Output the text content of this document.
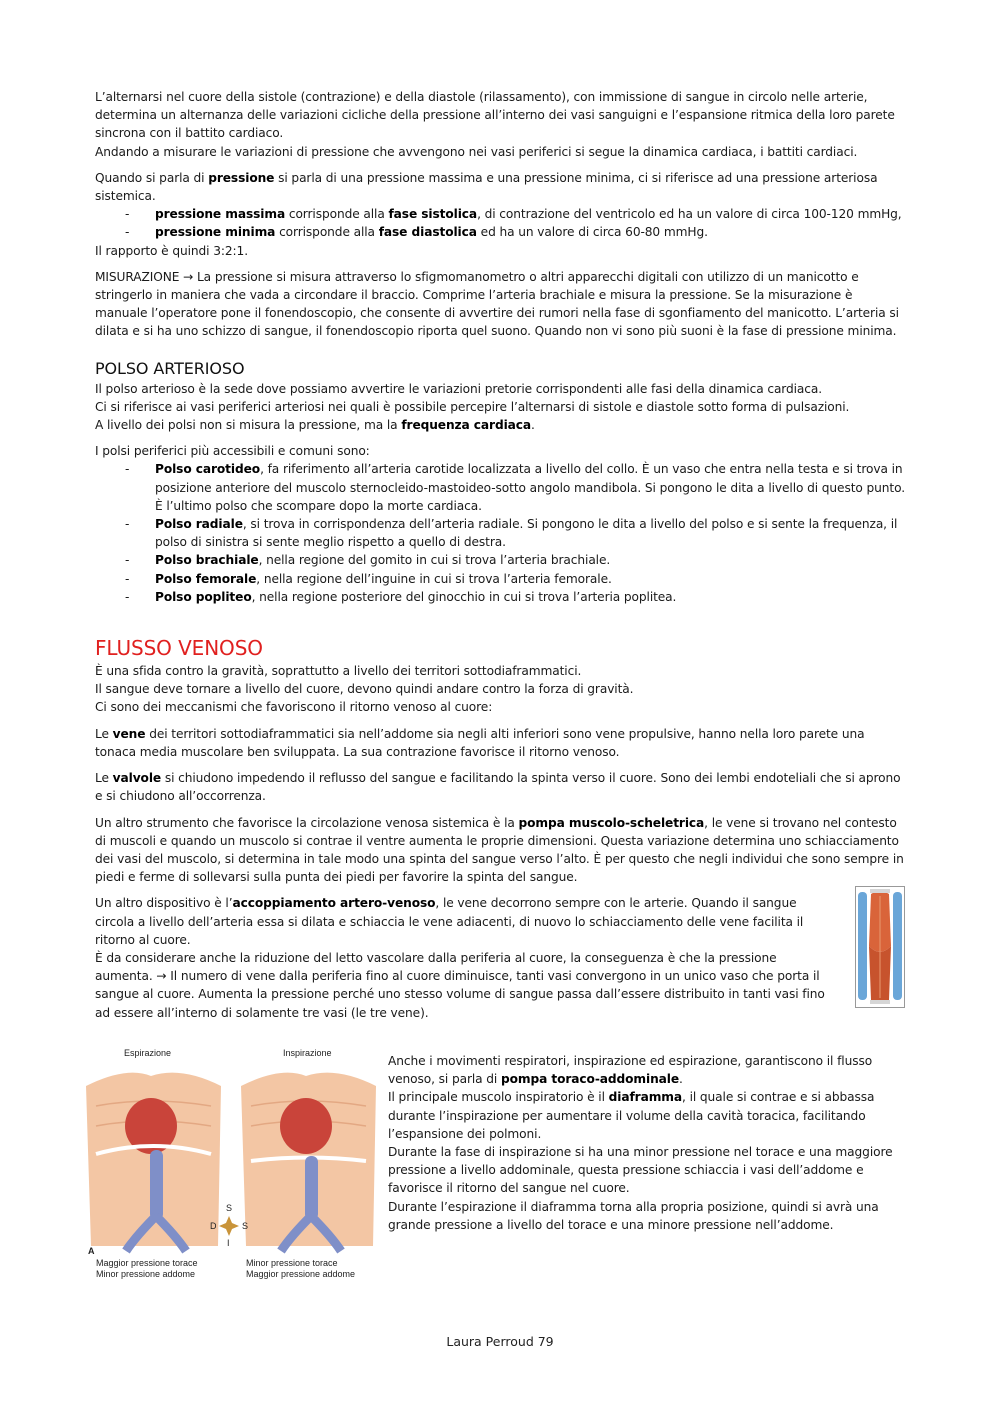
L’alternarsi nel cuore della sistole (contrazione) e della diastole (rilassamento), con immissione di sangue in circolo nelle arterie, determina un alternanza delle variazioni cicliche della pressione all’interno dei vasi sanguigni e l’espansione ritmica della loro parete sincrona con il battito cardiaco.

Andando a misurare le variazioni di pressione che avvengono nei vasi periferici si segue la dinamica cardiaca, i battiti cardiaci.

Quando si parla di pressione si parla di una pressione massima e una pressione minima, ci si riferisce ad una pressione arteriosa sistemica.

- pressione massima corrisponde alla fase sistolica, di contrazione del ventricolo ed ha un valore di circa 100-120 mmHg,
- pressione minima corrisponde alla fase diastolica ed ha un valore di circa 60-80 mmHg.

Il rapporto è quindi 3:2:1.

MISURAZIONE → La pressione si misura attraverso lo sfigmomanometro o altri apparecchi digitali con utilizzo di un manicotto e stringerlo in maniera che vada a circondare il braccio. Comprime l’arteria brachiale e misura la pressione. Se la misurazione è manuale l’operatore pone il fonendoscopio, che consente di avvertire dei rumori nella fase di sgonfiamento del manicotto. L’arteria si dilata e si ha uno schizzo di sangue, il fonendoscopio riporta quel suono. Quando non vi sono più suoni è la fase di pressione minima.

POLSO ARTERIOSO

Il polso arterioso è la sede dove possiamo avvertire le variazioni pretorie corrispondenti alle fasi della dinamica cardiaca.

Ci si riferisce ai vasi periferici arteriosi nei quali è possibile percepire l’alternarsi di sistole e diastole sotto forma di pulsazioni.

A livello dei polsi non si misura la pressione, ma la frequenza cardiaca.

I polsi periferici più accessibili e comuni sono:

- Polso carotideo, fa riferimento all’arteria carotide localizzata a livello del collo. È un vaso che entra nella testa e si trova in posizione anteriore del muscolo sternocleido-mastoideo-sotto angolo mandibola. Si pongono le dita a livello di questo punto. È l’ultimo polso che scompare dopo la morte cardiaca.
- Polso radiale, si trova in corrispondenza dell’arteria radiale. Si pongono le dita a livello del polso e si sente la frequenza, il polso di sinistra si sente meglio rispetto a quello di destra.
- Polso brachiale, nella regione del gomito in cui si trova l’arteria brachiale.
- Polso femorale, nella regione dell’inguine in cui si trova l’arteria femorale.
- Polso popliteo, nella regione posteriore del ginocchio in cui si trova l’arteria poplitea.
FLUSSO VENOSO

È una sfida contro la gravità, soprattutto a livello dei territori sottodiaframmatici.

Il sangue deve tornare a livello del cuore, devono quindi andare contro la forza di gravità.

Ci sono dei meccanismi che favoriscono il ritorno venoso al cuore:

Le vene dei territori sottodiaframmatici sia nell’addome sia negli alti inferiori sono vene propulsive, hanno nella loro parete una tonaca media muscolare ben sviluppata. La sua contrazione favorisce il ritorno venoso.

Le valvole si chiudono impedendo il reflusso del sangue e facilitando la spinta verso il cuore. Sono dei lembi endoteliali che si aprono e si chiudono all’occorrenza.

Un altro strumento che favorisce la circolazione venosa sistemica è la pompa muscolo-scheletrica, le vene si trovano nel contesto di muscoli e quando un muscolo si contrae il ventre aumenta le proprie dimensioni. Questa variazione determina uno schiacciamento dei vasi del muscolo, si determina in tale modo una spinta del sangue verso l’alto. È per questo che negli individui che sono sempre in piedi e ferme di sollevarsi sulla punta dei piedi per favorire la spinta del sangue.

Un altro dispositivo è l’accoppiamento artero-venoso, le vene decorrono sempre con le arterie. Quando il sangue circola a livello dell’arteria essa si dilata e schiaccia le vene adiacenti, di nuovo lo schiacciamento delle vene facilita il ritorno al cuore.

È da considerare anche la riduzione del letto vascolare dalla periferia al cuore, la conseguenza è che la pressione aumenta. → Il numero di vene dalla periferia fino al cuore diminuisce, tanti vasi convergono in un unico vaso che porta il sangue al cuore. Aumenta la pressione perché uno stesso volume di sangue passa dall’essere distribuito in tanti vasi fino ad essere all’interno di solamente tre vasi (le tre vene).

Espirazione	Inspirazione
S
D	S
I
A
Maggior pressione torace
Minor pressione addome
Minor pressione torace
Maggior pressione addome

Anche i movimenti respiratori, inspirazione ed espirazione, garantiscono il flusso venoso, si parla di pompa toraco-addominale.

Il principale muscolo inspiratorio è il diaframma, il quale si contrae e si abbassa durante l’inspirazione per aumentare il volume della cavità toracica, facilitando l’espansione dei polmoni.

Durante la fase di inspirazione si ha una minor pressione nel torace e una maggiore pressione a livello addominale, questa pressione schiaccia i vasi dell’addome e favorisce il ritorno del sangue nel cuore.

Durante l’espirazione il diaframma torna alla propria posizione, quindi si avrà una grande pressione a livello del torace e una minore pressione nell’addome.

Laura Perroud 79
